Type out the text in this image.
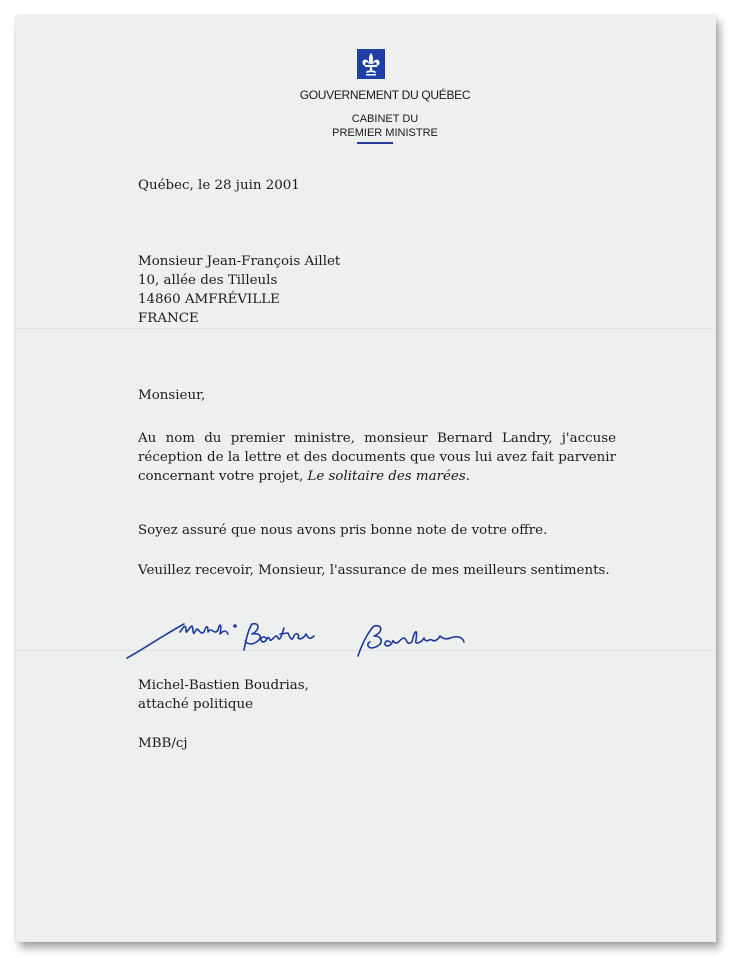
GOUVERNEMENT DU QUÉBEC
CABINET DU
PREMIER MINISTRE
Québec, le 28 juin 2001
Monsieur Jean-François Aillet
10, allée des Tilleuls
14860 AMFRÉVILLE
FRANCE
Monsieur,
Au nom du premier ministre, monsieur Bernard Landry, j'accuse réception de la lettre et des documents que vous lui avez fait parvenir concernant votre projet, Le solitaire des marées.
Soyez assuré que nous avons pris bonne note de votre offre.
Veuillez recevoir, Monsieur, l'assurance de mes meilleurs sentiments.
Michel-Bastien Boudrias,
attaché politique
MBB/cj
